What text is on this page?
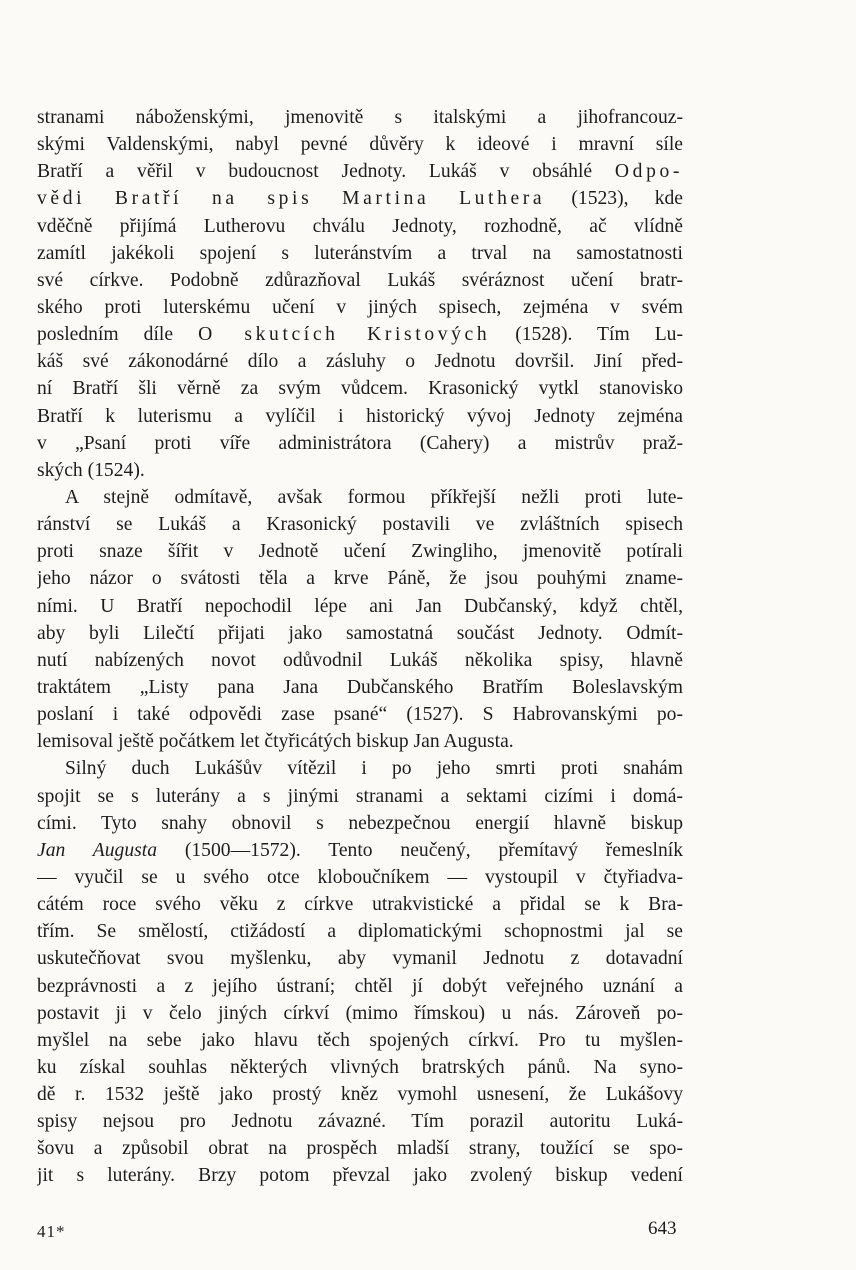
stranami náboženskými, jmenovitě s italskými a jihofrancouz-
skými Valdenskými, nabyl pevné důvěry k ideové i mravní síle
Bratří a věřil v budoucnost Jednoty. Lukáš v obsáhlé Odpo-
vědi Bratří na spis Martina Luthera (1523), kde
vděčně přijímá Lutherovu chválu Jednoty, rozhodně, ač vlídně
zamítl jakékoli spojení s luteránstvím a trval na samostatnosti
své církve. Podobně zdůrazňoval Lukáš svéráznost učení bratr-
ského proti luterskému učení v jiných spisech, zejména v svém
posledním díle O skutcích Kristových (1528). Tím Lu-
káš své zákonodárné dílo a zásluhy o Jednotu dovršil. Jiní před-
ní Bratří šli věrně za svým vůdcem. Krasonický vytkl stanovisko
Bratří k luterismu a vylíčil i historický vývoj Jednoty zejména
v „Psaní proti víře administrátora (Cahery) a mistrův praž-
ských (1524).
A stejně odmítavě, avšak formou příkřejší nežli proti lute-
ránství se Lukáš a Krasonický postavili ve zvláštních spisech
proti snaze šířit v Jednotě učení Zwingliho, jmenovitě potírali
jeho názor o svátosti těla a krve Páně, že jsou pouhými zname-
ními. U Bratří nepochodil lépe ani Jan Dubčanský, když chtěl,
aby byli Lilečtí přijati jako samostatná součást Jednoty. Odmít-
nutí nabízených novot odůvodnil Lukáš několika spisy, hlavně
traktátem „Listy pana Jana Dubčanského Bratřím Boleslavským
poslaní i také odpovědi zase psané“ (1527). S Habrovanskými po-
lemisoval ještě počátkem let čtyřicátých biskup Jan Augusta.
Silný duch Lukášův vítězil i po jeho smrti proti snahám
spojit se s luterány a s jinými stranami a sektami cizími i domá-
cími. Tyto snahy obnovil s nebezpečnou energií hlavně biskup
Jan Augusta (1500—1572). Tento neučený, přemítavý řemeslník
— vyučil se u svého otce kloboučníkem — vystoupil v čtyřiadva-
cátém roce svého věku z církve utrakvistické a přidal se k Bra-
třím. Se smělostí, ctižádostí a diplomatickými schopnostmi jal se
uskutečňovat svou myšlenku, aby vymanil Jednotu z dotavadní
bezprávnosti a z jejího ústraní; chtěl jí dobýt veřejného uznání a
postavit ji v čelo jiných církví (mimo římskou) u nás. Zároveň po-
myšlel na sebe jako hlavu těch spojených církví. Pro tu myšlen-
ku získal souhlas některých vlivných bratrských pánů. Na syno-
dě r. 1532 ještě jako prostý kněz vymohl usnesení, že Lukášovy
spisy nejsou pro Jednotu závazné. Tím porazil autoritu Luká-
šovu a způsobil obrat na prospěch mladší strany, toužící se spo-
jit s luterány. Brzy potom převzal jako zvolený biskup vedení
41*	643
